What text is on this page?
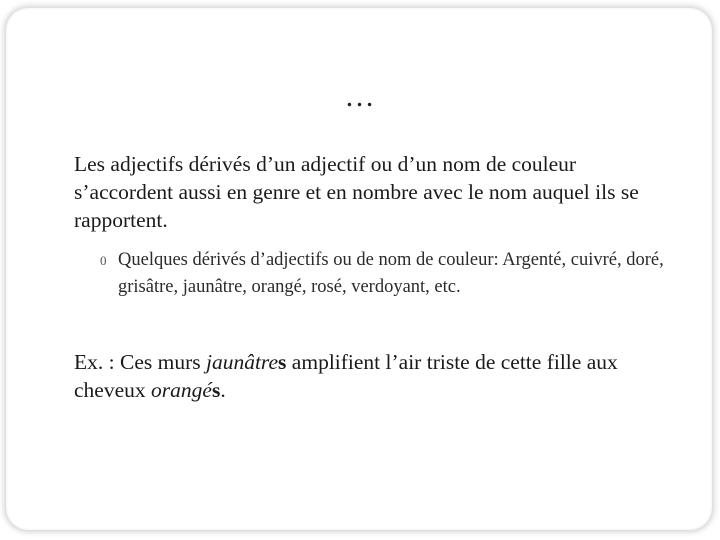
…

Les adjectifs dérivés d’un adjectif ou d’un nom de couleur s’accordent aussi en genre et en nombre avec le nom auquel ils se rapportent.

0 Quelques dérivés d’adjectifs ou de nom de couleur: Argenté, cuivré, doré, grisâtre, jaunâtre, orangé, rosé, verdoyant, etc.

Ex. : Ces murs jaunâtres amplifient l’air triste de cette fille aux cheveux orangés.
